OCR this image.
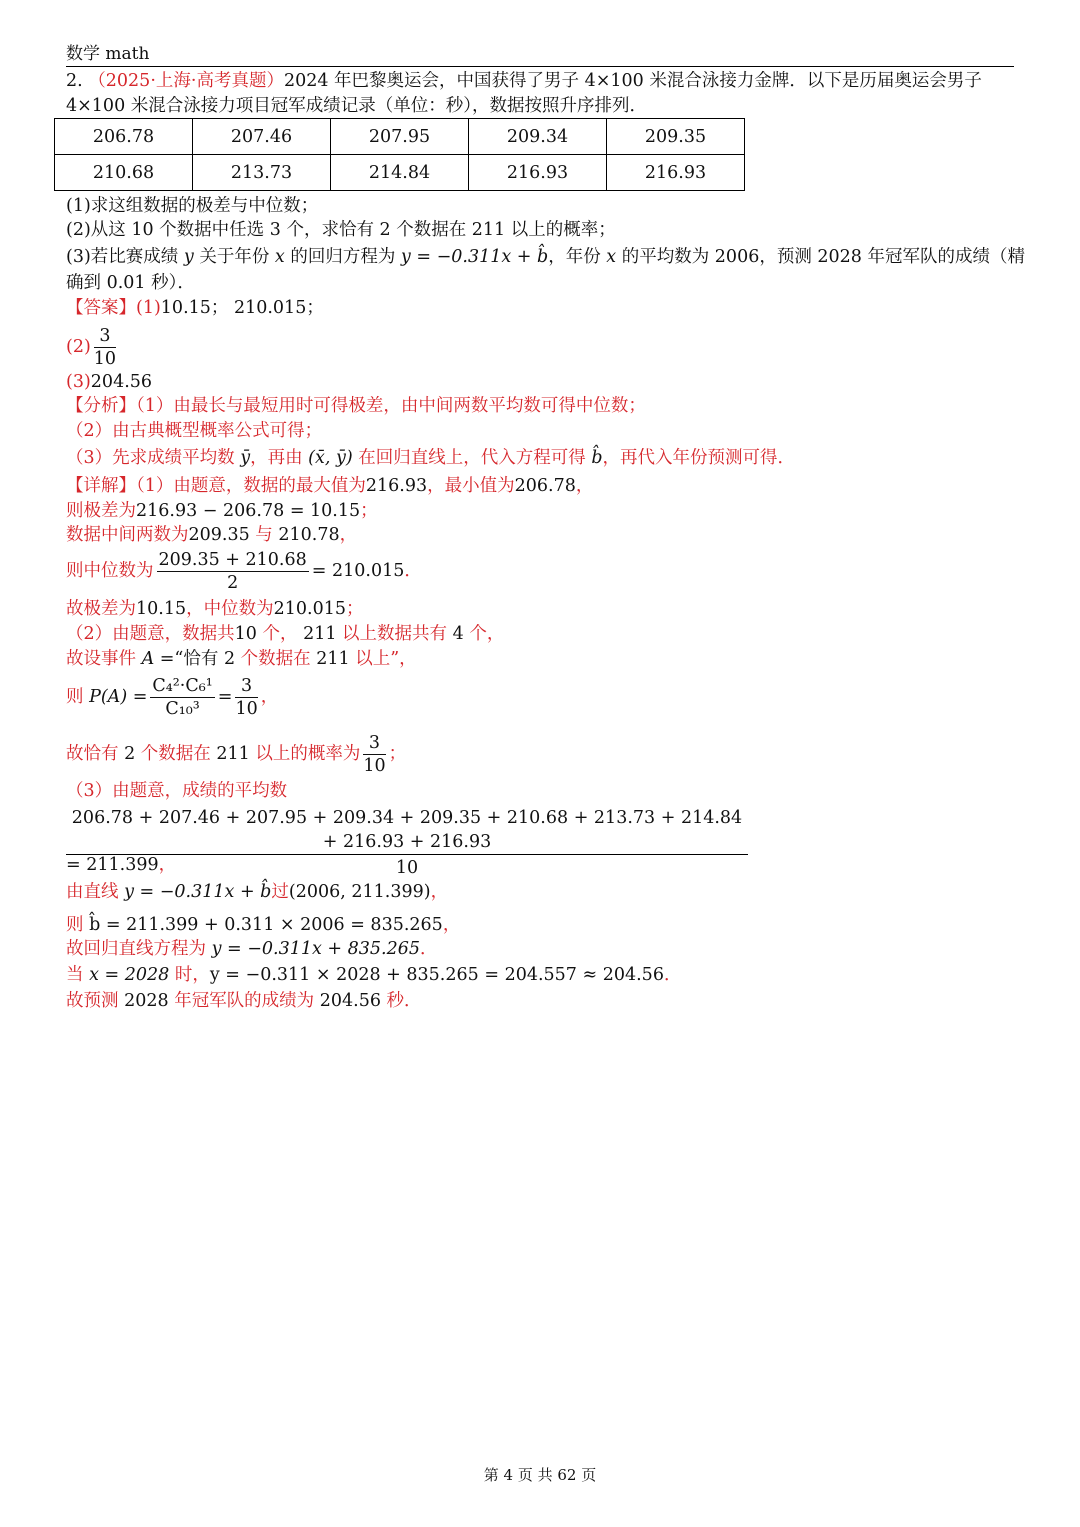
数学 math
2. （2025·上海·高考真题）2024 年巴黎奥运会，中国获得了男子 4×100 米混合泳接力金牌．以下是历届奥运会男子
4×100 米混合泳接力项目冠军成绩记录（单位：秒），数据按照升序排列．
206.78	207.46	207.95	209.34	209.35
210.68	213.73	214.84	216.93	216.93
(1)求这组数据的极差与中位数；
(2)从这 10 个数据中任选 3 个，求恰有 2 个数据在 211 以上的概率；
(3)若比赛成绩 y 关于年份 x 的回归方程为 y = −0.311x + b̂，年份 x 的平均数为 2006，预测 2028 年冠军队的成绩（精
确到 0.01 秒）．
【答案】(1)10.15； 210.015；
$(2) \frac{3}{10}$
(3)204.56
【分析】（1）由最长与最短用时可得极差，由中间两数平均数可得中位数；
（2）由古典概型概率公式可得；
（3）先求成绩平均数 ȳ，再由 (x̄, ȳ) 在回归直线上，代入方程可得 b̂，再代入年份预测可得．
【详解】（1）由题意，数据的最大值为216.93，最小值为206.78，
则极差为216.93 − 206.78 = 10.15；
数据中间两数为209.35 与 210.78，
则中位数为 $\frac{209.35 + 210.68}{2} = 210.015$．
故极差为10.15，中位数为210.015；
（2）由题意，数据共10 个， 211 以上数据共有 4 个，
故设事件 A =“恰有 2 个数据在 211 以上”，
则 $P(A) = \frac{\text{C₄²·C₆¹}}{\text{C₁₀³}} = \frac{3}{10}$ ，
故恰有 2 个数据在 211 以上的概率为 $\frac{3}{10}$ ；
（3）由题意，成绩的平均数
206.78 + 207.46 + 207.95 + 209.34 + 209.35 + 210.68 + 213.73 + 214.84 + 216.93 + 216.93
10
= 211.399，
由直线 y = −0.311x + b̂过(2006, 211.399)，
则 b̂ = 211.399 + 0.311 × 2006 = 835.265，
故回归直线方程为 y = −0.311x + 835.265．
当 x = 2028 时，y = −0.311 × 2028 + 835.265 = 204.557 ≈ 204.56．
故预测 2028 年冠军队的成绩为 204.56 秒．
第 4 页 共 62 页
